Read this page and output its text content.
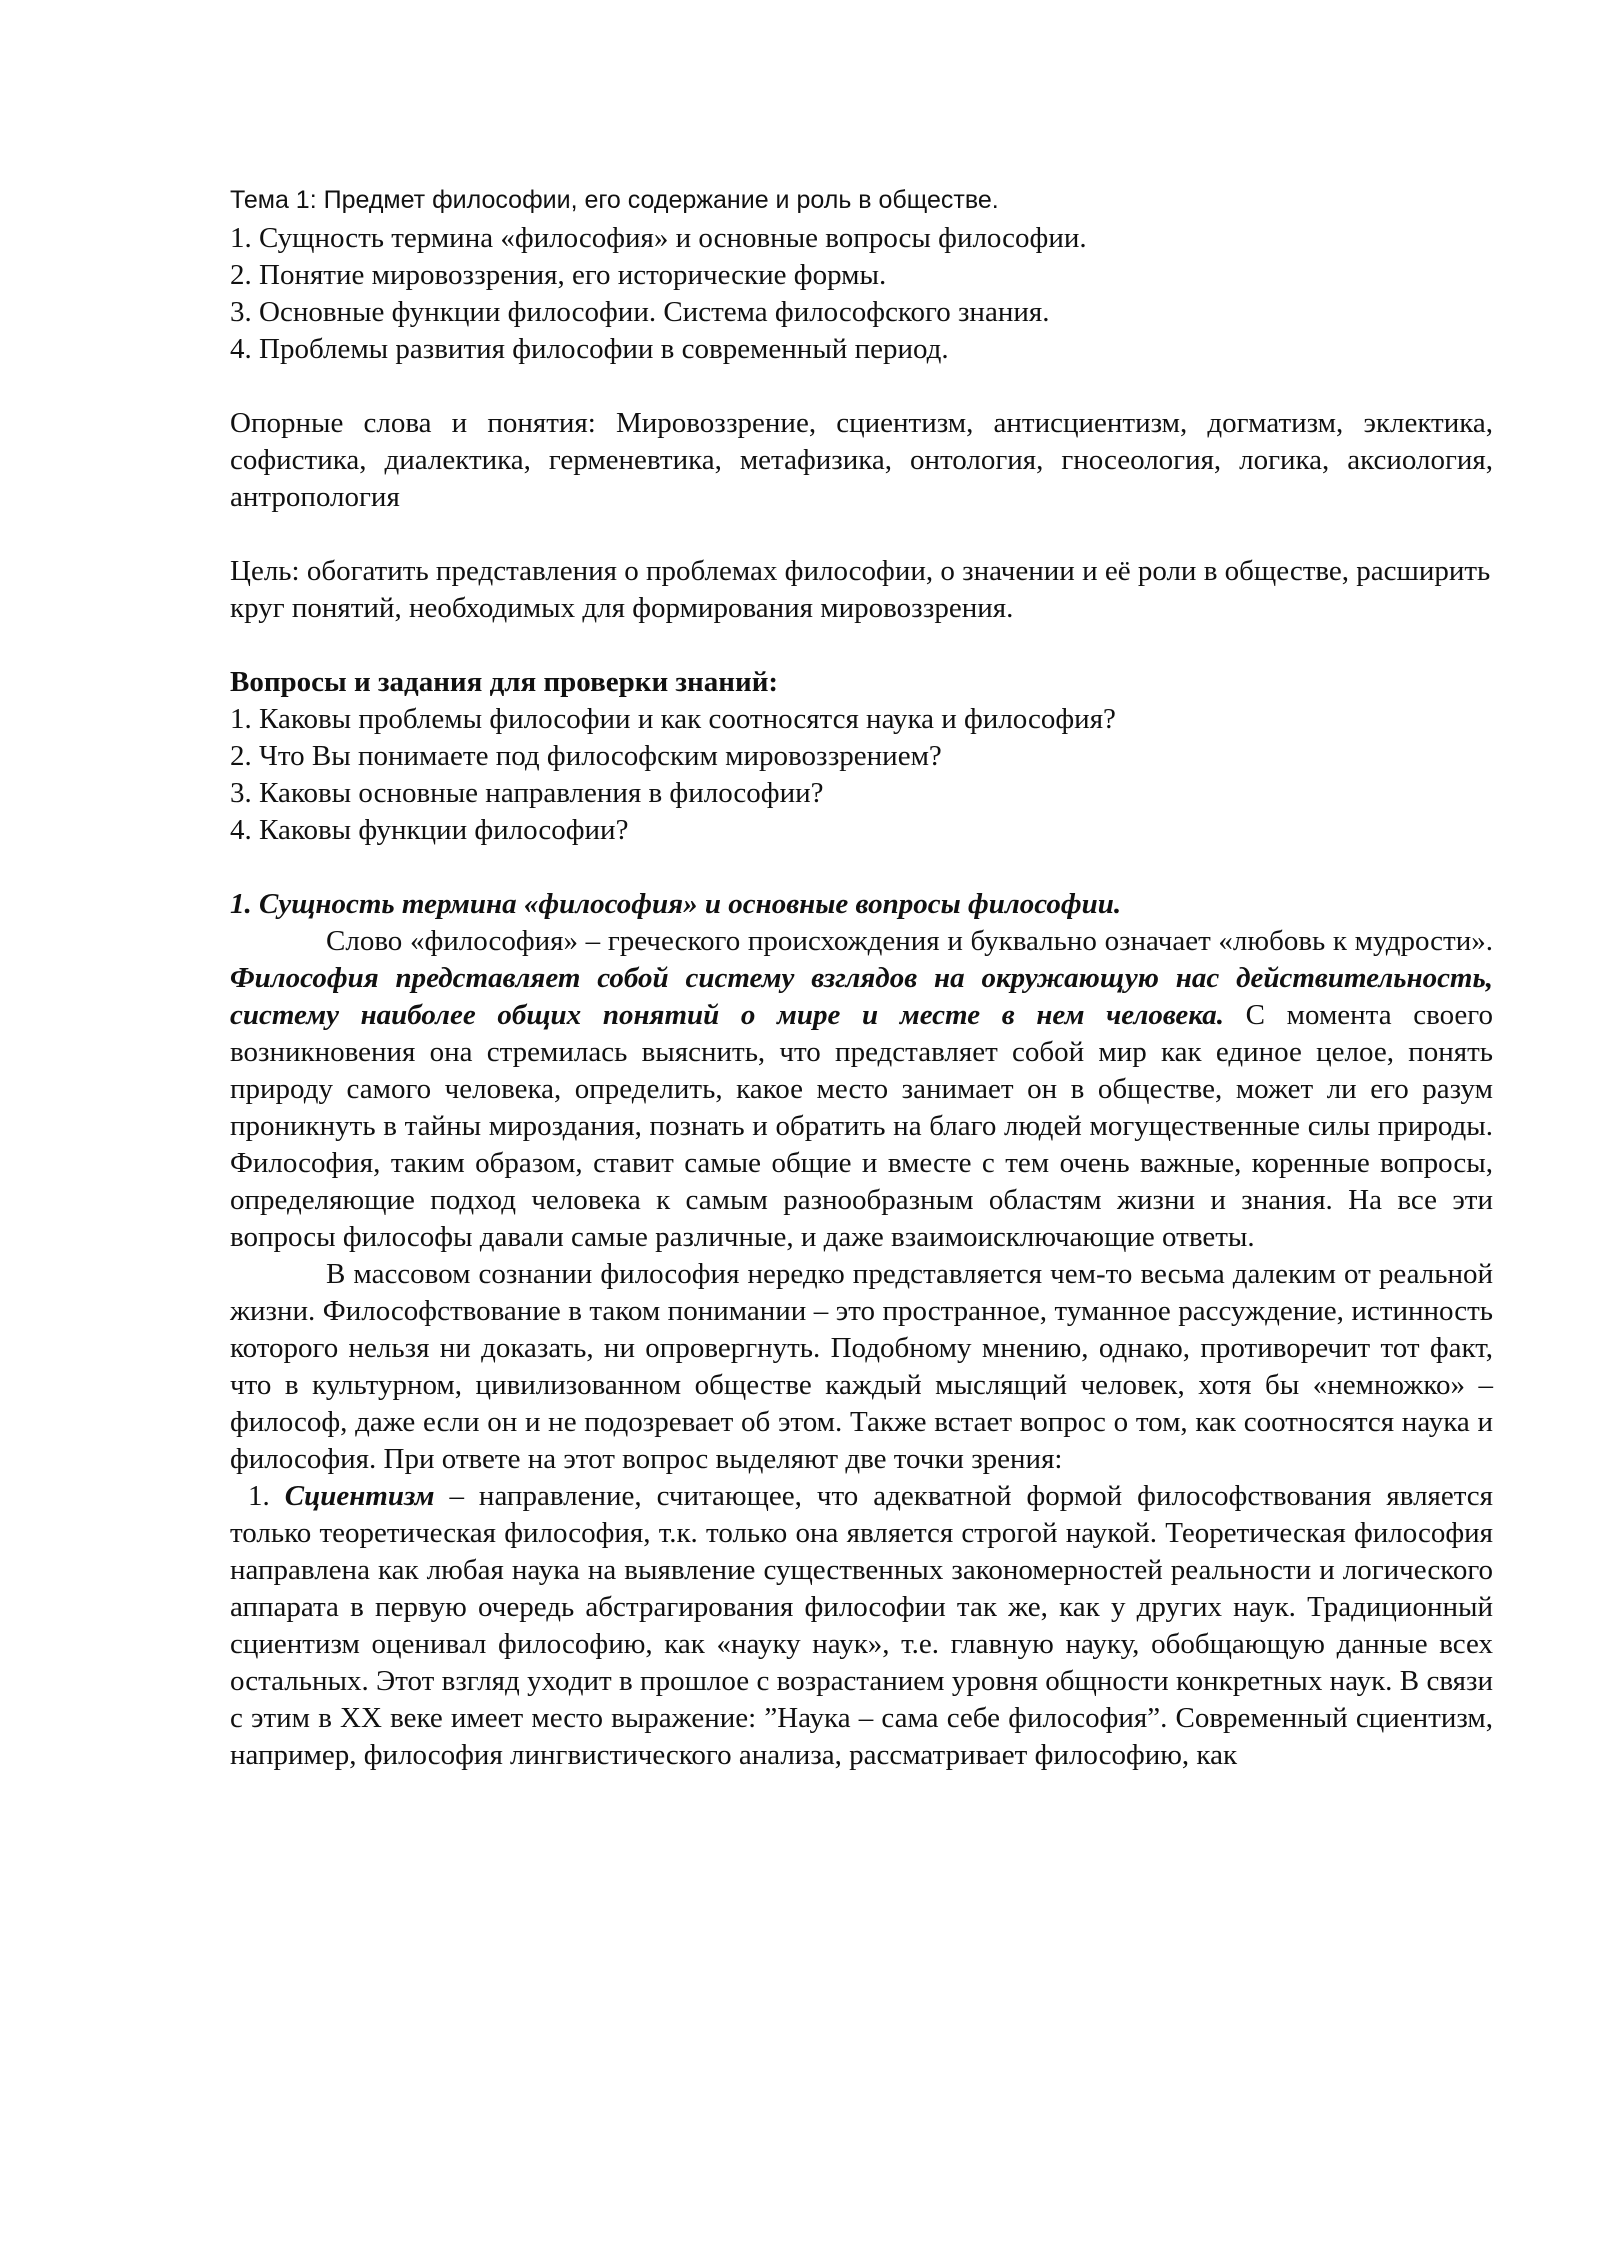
Тема 1: Предмет философии, его содержание и роль в обществе.

1. Сущность термина «философия» и основные вопросы философии.
2. Понятие мировоззрения, его исторические формы.
3. Основные функции философии. Система философского знания.
4. Проблемы развития философии в современный период.

Опорные слова и понятия: Мировоззрение, сциентизм, антисциентизм, догматизм, эклектика, софистика, диалектика, герменевтика, метафизика, онтология, гносеология, логика, аксиология, антропология

Цель: обогатить представления о проблемах философии, о значении и её роли в обществе, расширить круг понятий, необходимых для формирования мировоззрения.

Вопросы и задания для проверки знаний:

1. Каковы проблемы философии и как соотносятся наука и философия?
2. Что Вы понимаете под философским мировоззрением?
3. Каковы основные направления в философии?
4. Каковы функции философии?

1. Сущность термина «философия» и основные вопросы философии.

Слово «философия» – греческого происхождения и буквально означает «любовь к мудрости». Философия представляет собой систему взглядов на окружающую нас действительность, систему наиболее общих понятий о мире и месте в нем человека. С момента своего возникновения она стремилась выяснить, что представляет собой мир как единое целое, понять природу самого человека, определить, какое место занимает он в обществе, может ли его разум проникнуть в тайны мироздания, познать и обратить на благо людей могущественные силы природы. Философия, таким образом, ставит самые общие и вместе с тем очень важные, коренные вопросы, определяющие подход человека к самым разнообразным областям жизни и знания. На все эти вопросы философы давали самые различные, и даже взаимоисключающие ответы.

В массовом сознании философия нередко представляется чем-то весьма далеким от реальной жизни. Философствование в таком понимании – это пространное, туманное рассуждение, истинность которого нельзя ни доказать, ни опровергнуть. Подобному мнению, однако, противоречит тот факт, что в культурном, цивилизованном обществе каждый мыслящий человек, хотя бы «немножко» – философ, даже если он и не подозревает об этом. Также встает вопрос о том, как соотносятся наука и философия. При ответе на этот вопрос выделяют две точки зрения:

1. Сциентизм – направление, считающее, что адекватной формой философствования является только теоретическая философия, т.к. только она является строгой наукой. Теоретическая философия направлена как любая наука на выявление существенных закономерностей реальности и логического аппарата в первую очередь абстрагирования философии так же, как у других наук. Традиционный сциентизм оценивал философию, как «науку наук», т.е. главную науку, обобщающую данные всех остальных. Этот взгляд уходит в прошлое с возрастанием уровня общности конкретных наук. В связи с этим в XX веке имеет место выражение: ”Наука – сама себе философия”. Современный сциентизм, например, философия лингвистического анализа, рассматривает философию, как
